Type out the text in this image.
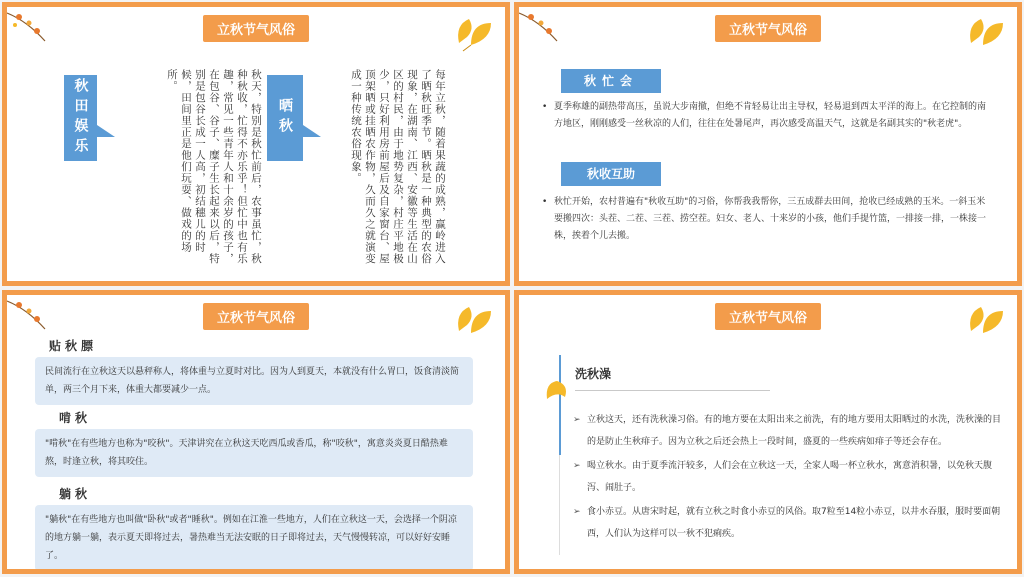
立秋节气风俗
秋田娱乐	秋天，特别是秋忙前后，农事虽忙，秋种秋收，忙得不亦乐乎！但忙中也有乐趣，常见一些青年人和十余岁的孩子，在包谷、谷子、糜子生长起来以后，特别是包谷长成一人高，初结穗儿的时候，田间里正是他们玩耍、做戏的场所。
晒秋	每年立秋，随着果蔬的成熟，赢岭进入了晒秋旺季节。晒秋是一种典型的农俗现象，在湖南、江西、安徽等生活在山区的村民，由于地势复杂，村庄平地极少，只好利用房前屋后及自家窗台、屋顶架晒或挂晒农作物，久而久之就演变成一种传统农俗现象。
立秋节气风俗
秋忙会
• 夏季称雄的副热带高压，虽说大步南撤，但绝不肯轻易让出主导权，轻易退到西太平洋的海上。在它控制的南方地区，刚刚感受一丝秋凉的人们，往往在处暑尾声，再次感受高温天气，这就是名副其实的"秋老虎"。
秋收互助
• 秋忙开始，农村普遍有"秋收互助"的习俗，你帮我我帮你，三五成群去田间，抢收已经成熟的玉米。一斜玉米要搬四次：头茬、二茬、三茬、捞空茬。妇女、老人、十来岁的小孩，他们手提竹篮，一排接一排，一株接一株，挨着个儿去搬。
立秋节气风俗
贴秋膘
民间流行在立秋这天以悬秤称人，将体重与立夏时对比。因为人到夏天，本就没有什么胃口，饭食清淡简单，两三个月下来，体重大都要减少一点。
啃秋
"啃秋"在有些地方也称为"咬秋"。天津讲究在立秋这天吃西瓜或香瓜，称"咬秋"，寓意炎炎夏日酷热难熬，时逢立秋，将其咬住。
躺秋
"躺秋"在有些地方也叫做"卧秋"或者"睡秋"。例如在江淮一些地方，人们在立秋这一天，会选择一个阴凉的地方躺一躺，表示夏天即将过去，暑热难当无法安眠的日子即将过去，天气慢慢转凉，可以好好安睡了。
立秋节气风俗
洗秋澡
➢ 立秋这天，还有洗秋澡习俗。有的地方要在太阳出来之前洗，有的地方要用太阳晒过的水洗，洗秋澡的目的是防止生秋痱子。因为立秋之后还会热上一段时间，盛夏的一些疾病如痱子等还会存在。
➢ 喝立秋水。由于夏季流汗较多，人们会在立秋这一天，全家人喝一杯立秋水，寓意消积暑，以免秋天腹泻、闹肚子。
➢ 食小赤豆。从唐宋时起，就有立秋之时食小赤豆的风俗。取7粒至14粒小赤豆，以井水吞服，服时要面朝西，人们认为这样可以一秋不犯痢疾。
